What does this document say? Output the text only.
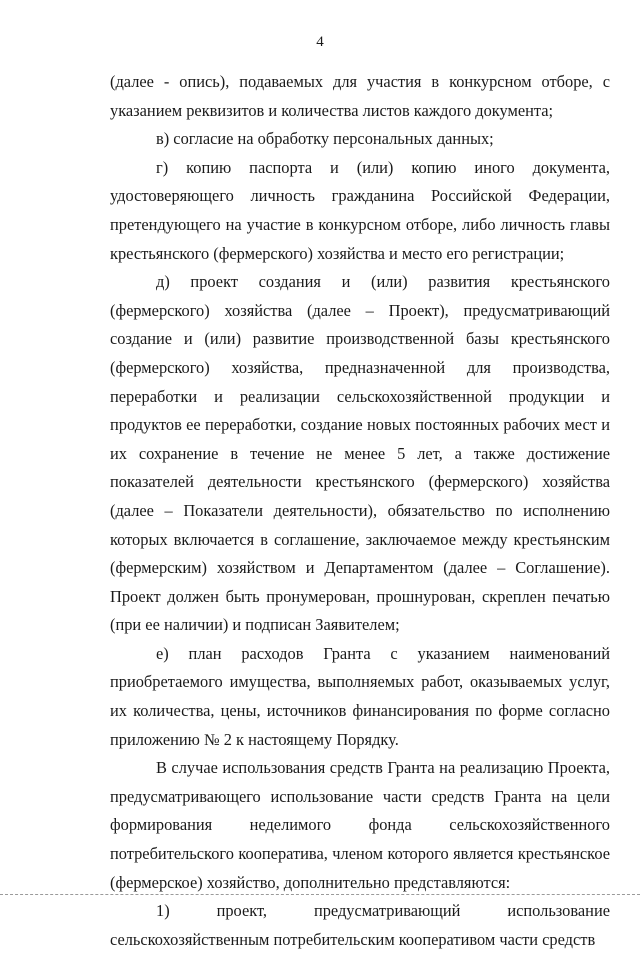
4

(далее - опись), подаваемых для участия в конкурсном отборе, с указанием реквизитов и количества листов каждого документа;

в) согласие на обработку персональных данных;

г) копию паспорта и (или) копию иного документа, удостоверяющего личность гражданина Российской Федерации, претендующего на участие в конкурсном отборе, либо личность главы крестьянского (фермерского) хозяйства и место его регистрации;

д) проект создания и (или) развития крестьянского (фермерского) хозяйства (далее – Проект), предусматривающий создание и (или) развитие производственной базы крестьянского (фермерского) хозяйства, предназначенной для производства, переработки и реализации сельскохозяйственной продукции и продуктов ее переработки, создание новых постоянных рабочих мест и их сохранение в течение не менее 5 лет, а также достижение показателей деятельности крестьянского (фермерского) хозяйства (далее – Показатели деятельности), обязательство по исполнению которых включается в соглашение, заключаемое между крестьянским (фермерским) хозяйством и Департаментом (далее – Соглашение). Проект должен быть пронумерован, прошнурован, скреплен печатью (при ее наличии) и подписан Заявителем;

е) план расходов Гранта с указанием наименований приобретаемого имущества, выполняемых работ, оказываемых услуг, их количества, цены, источников финансирования по форме согласно приложению № 2 к настоящему Порядку.

В случае использования средств Гранта на реализацию Проекта, предусматривающего использование части средств Гранта на цели формирования неделимого фонда сельскохозяйственного потребительского кооператива, членом которого является крестьянское (фермерское) хозяйство, дополнительно представляются:

1) проект, предусматривающий использование сельскохозяйственным потребительским кооперативом части средств
